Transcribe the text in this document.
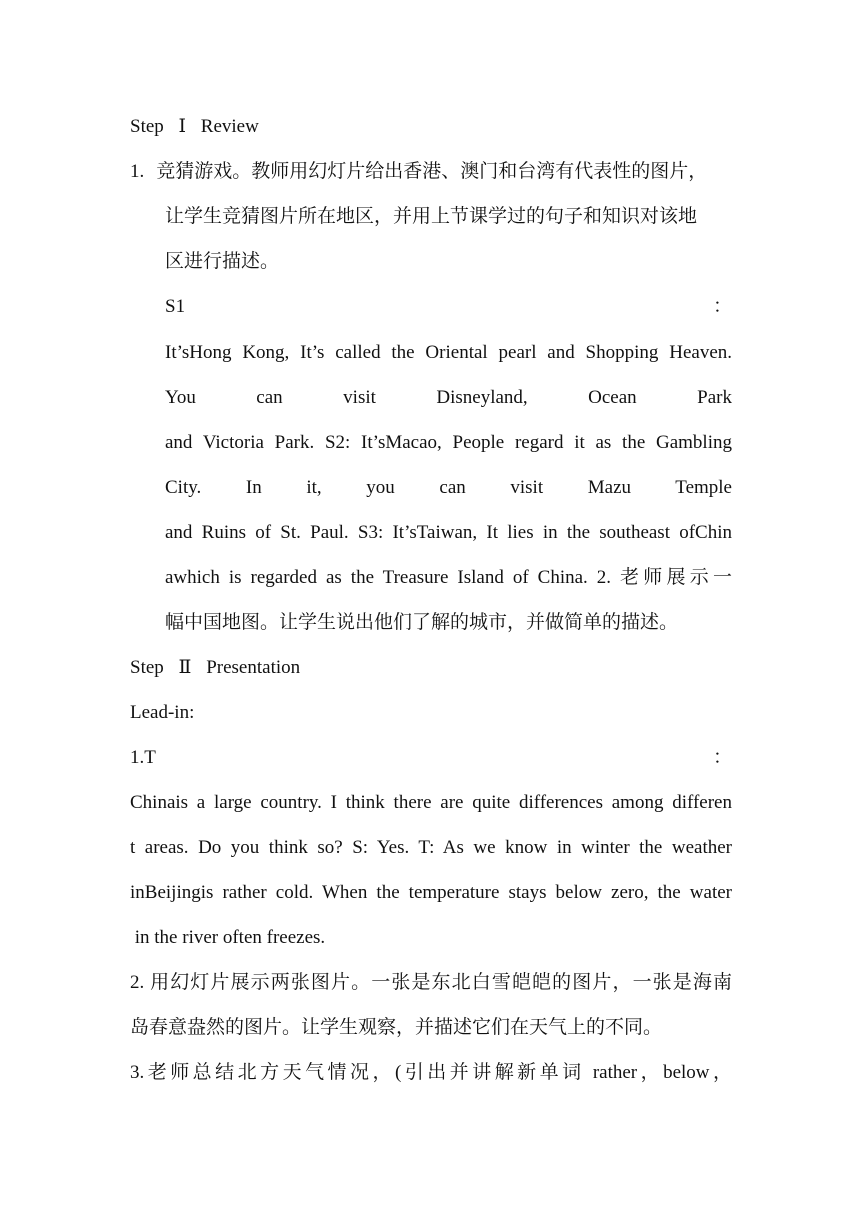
Step Ⅰ Review
1. 竞猜游戏。教师用幻灯片给出香港、澳门和台湾有代表性的图片，
让学生竞猜图片所在地区，并用上节课学过的句子和知识对该地
区进行描述。
S1	：
It’sHong Kong, It’s called the Oriental pearl and Shopping Heaven.
You can visit Disneyland, Ocean Park
and Victoria Park. S2: It’sMacao, People regard it as the Gambling
City. In it, you can visit Mazu Temple
and Ruins of St. Paul. S3: It’sTaiwan, It lies in the southeast ofChin
awhich is regarded as the Treasure Island of China. 2. 老师展示一
幅中国地图。让学生说出他们了解的城市，并做简单的描述。
Step Ⅱ Presentation
Lead-in:
1.T	：
Chinais a large country. I think there are quite differences among differen
t areas. Do you think so? S: Yes. T: As we know in winter the weather
inBeijingis rather cold. When the temperature stays below zero, the water
in the river often freezes.
2. 用幻灯片展示两张图片。一张是东北白雪皑皑的图片，一张是海南
岛春意盎然的图片。让学生观察，并描述它们在天气上的不同。
3.老师总结北方天气情况，(引出并讲解新单词 rather，below，
